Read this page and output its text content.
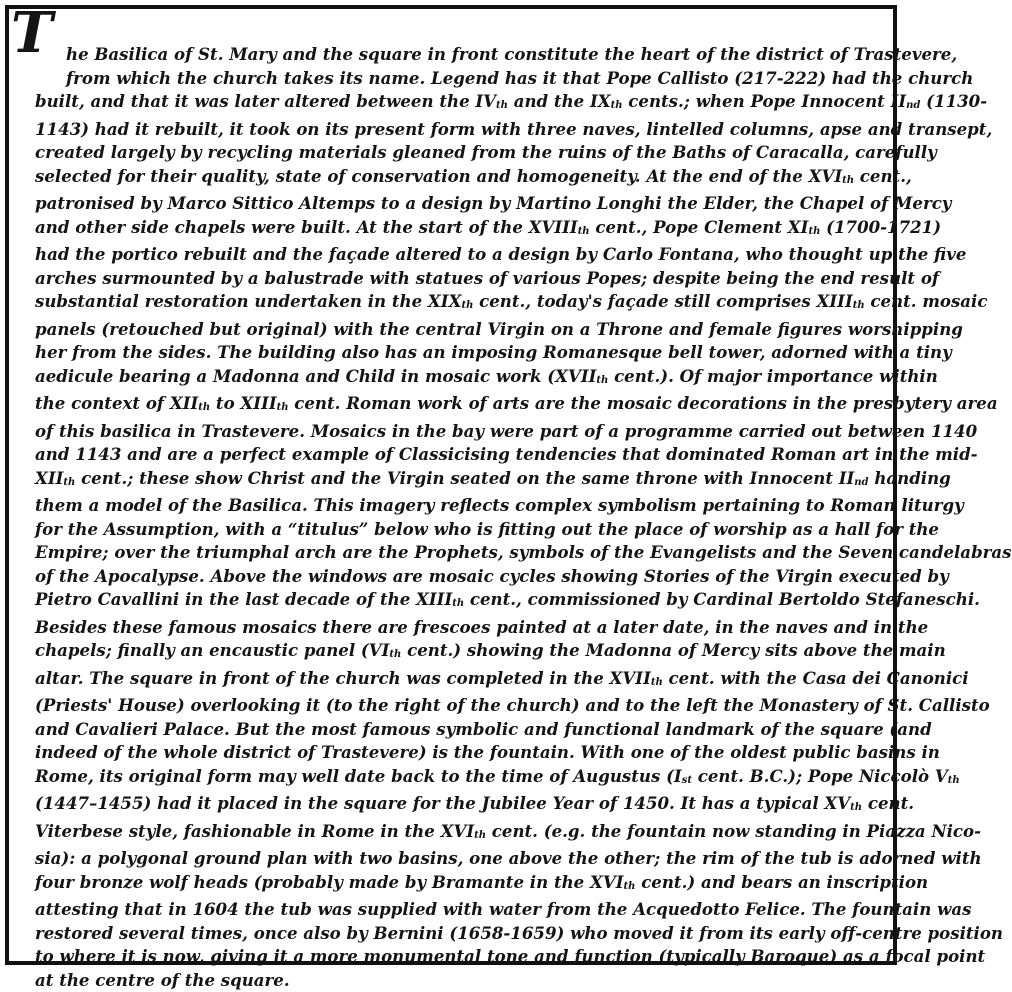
T he Basilica of St. Mary and the square in front constitute the heart of the district of Trastevere,
from which the church takes its name. Legend has it that Pope Callisto (217-222) had the church
built, and that it was later altered between the $IV_{th}$ and the $IX_{th}$ cents.; when Pope Innocent $II_{nd}$ (1130-
1143) had it rebuilt, it took on its present form with three naves, lintelled columns, apse and transept,
created largely by recycling materials gleaned from the ruins of the Baths of Caracalla, carefully
selected for their quality, state of conservation and homogeneity. At the end of the $XVI_{th}$ cent.,
patronised by Marco Sittico Altemps to a design by Martino Longhi the Elder, the Chapel of Mercy
and other side chapels were built. At the start of the $XVIII_{th}$ cent., Pope Clement $XI_{th}$ (1700-1721)
had the portico rebuilt and the façade altered to a design by Carlo Fontana, who thought up the five
arches surmounted by a balustrade with statues of various Popes; despite being the end result of
substantial restoration undertaken in the $XIX_{th}$ cent., today's façade still comprises $XIII_{th}$ cent. mosaic
panels (retouched but original) with the central Virgin on a Throne and female figures worshipping
her from the sides. The building also has an imposing Romanesque bell tower, adorned with a tiny
aedicule bearing a Madonna and Child in mosaic work ($XVII_{th}$ cent.). Of major importance within
the context of $XII_{th}$ to $XIII_{th}$ cent. Roman work of arts are the mosaic decorations in the presbytery area
of this basilica in Trastevere. Mosaics in the bay were part of a programme carried out between 1140
and 1143 and are a perfect example of Classicising tendencies that dominated Roman art in the mid-
$XII_{th}$ cent.; these show Christ and the Virgin seated on the same throne with Innocent $II_{nd}$ handing
them a model of the Basilica. This imagery reflects complex symbolism pertaining to Roman liturgy
for the Assumption, with a “titulus” below who is fitting out the place of worship as a hall for the
Empire; over the triumphal arch are the Prophets, symbols of the Evangelists and the Seven candelabras
of the Apocalypse. Above the windows are mosaic cycles showing Stories of the Virgin executed by
Pietro Cavallini in the last decade of the $XIII_{th}$ cent., commissioned by Cardinal Bertoldo Stefaneschi.
Besides these famous mosaics there are frescoes painted at a later date, in the naves and in the
chapels; finally an encaustic panel ($VI_{th}$ cent.) showing the Madonna of Mercy sits above the main
altar. The square in front of the church was completed in the $XVII_{th}$ cent. with the Casa dei Canonici
(Priests' House) overlooking it (to the right of the church) and to the left the Monastery of St. Callisto
and Cavalieri Palace. But the most famous symbolic and functional landmark of the square (and
indeed of the whole district of Trastevere) is the fountain. With one of the oldest public basins in
Rome, its original form may well date back to the time of Augustus ($I_{st}$ cent. B.C.); Pope Niccolò $V_{th}$
(1447–1455) had it placed in the square for the Jubilee Year of 1450. It has a typical $XV_{th}$ cent.
Viterbese style, fashionable in Rome in the $XVI_{th}$ cent. (e.g. the fountain now standing in Piazza Nico-
sia): a polygonal ground plan with two basins, one above the other; the rim of the tub is adorned with
four bronze wolf heads (probably made by Bramante in the $XVI_{th}$ cent.) and bears an inscription
attesting that in 1604 the tub was supplied with water from the Acquedotto Felice. The fountain was
restored several times, once also by Bernini (1658-1659) who moved it from its early off-centre position
to where it is now, giving it a more monumental tone and function (typically Baroque) as a focal point
at the centre of the square.
